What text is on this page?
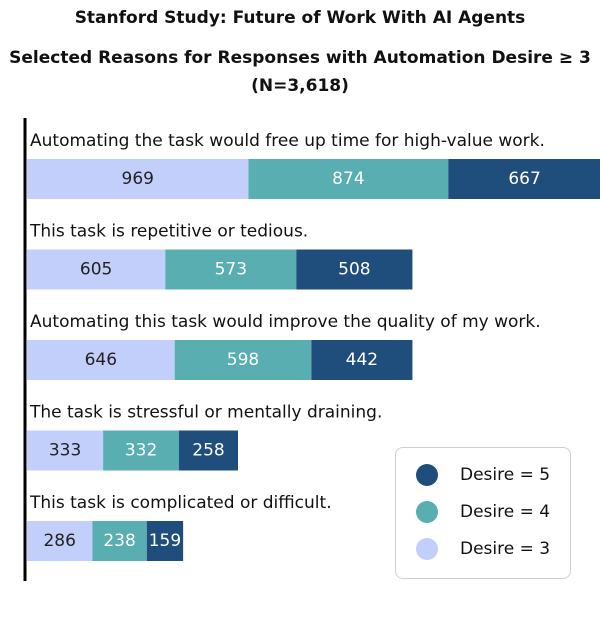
Stanford Study: Future of Work With AI Agents
Selected Reasons for Responses with Automation Desire ≥ 3
(N=3,618)
Automating the task would free up time for high-value work.
969	874	667
This task is repetitive or tedious.
605	573	508
Automating this task would improve the quality of my work.
646	598	442
The task is stressful or mentally draining.
333	332 258
This task is complicated or difficult.
286 238 159
Desire = 5
Desire = 4
Desire = 3
